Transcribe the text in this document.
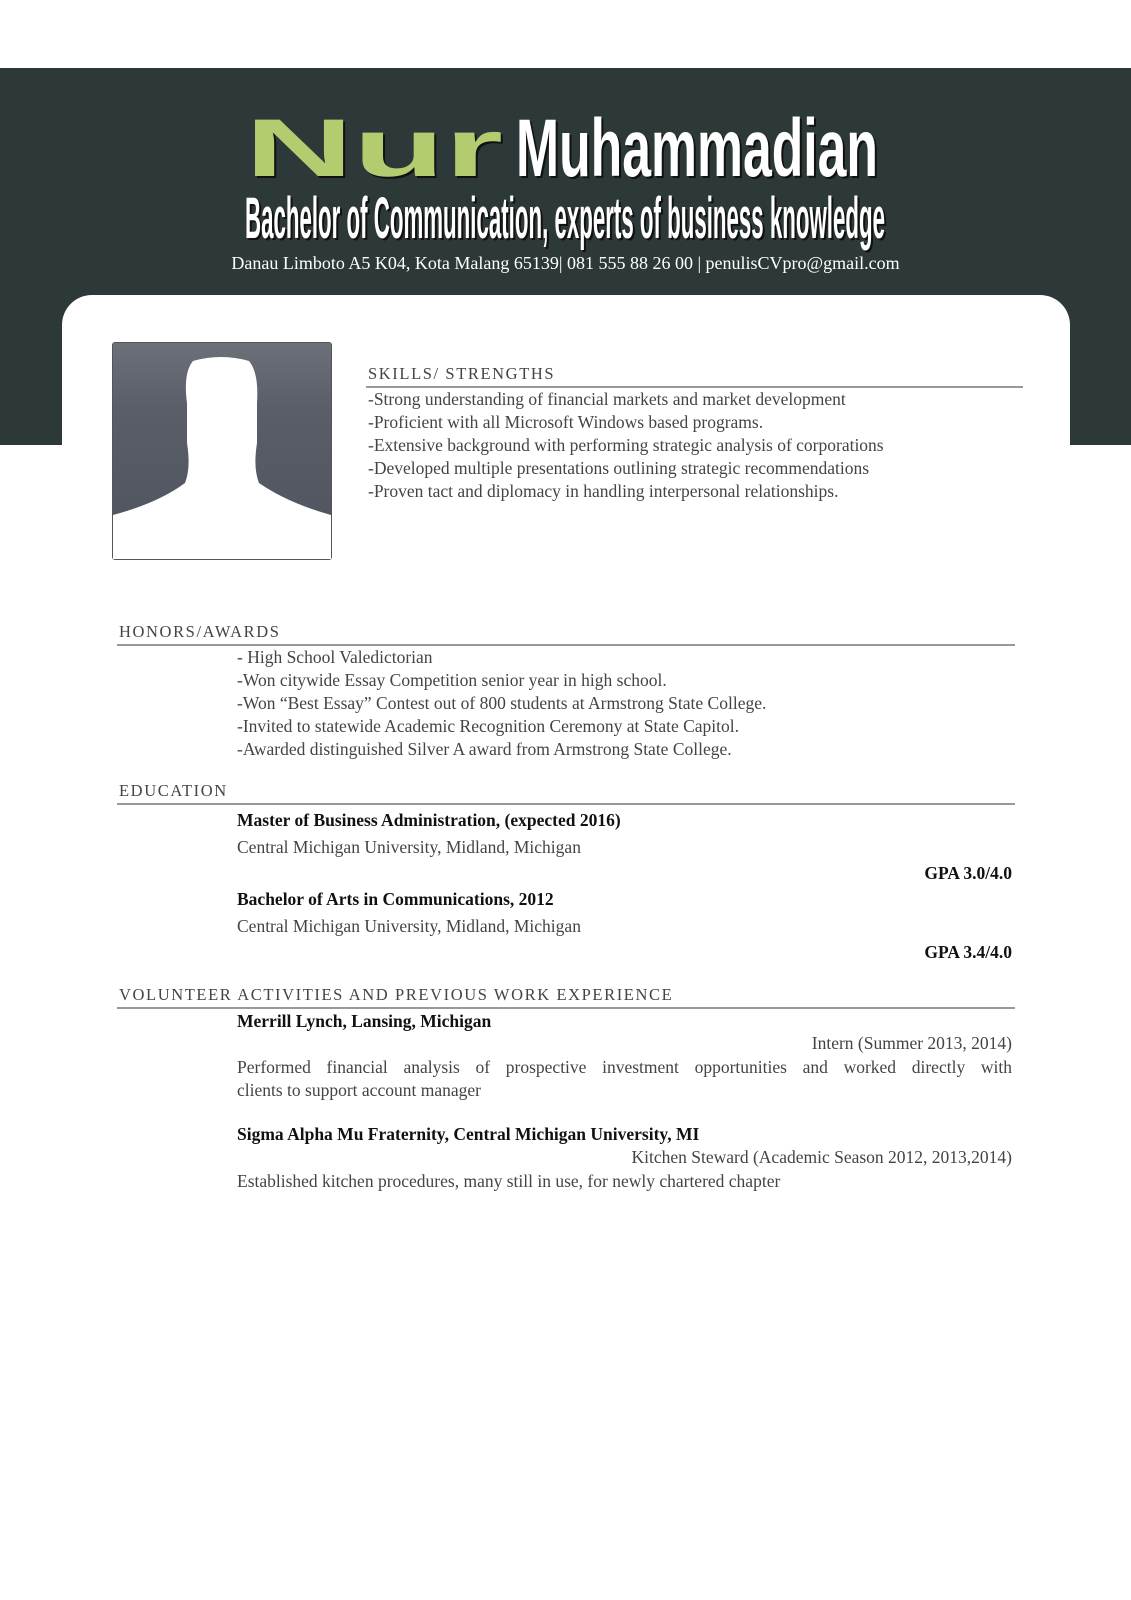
Nur Muhammadian
Bachelor of Communication, experts of business knowledge
Danau Limboto A5 K04, Kota Malang 65139| 081 555 88 26 00 | penulisCVpro@gmail.com
SKILLS/ STRENGTHS
-Strong understanding of financial markets and market development
-Proficient with all Microsoft Windows based programs.
-Extensive background with performing strategic analysis of corporations
-Developed multiple presentations outlining strategic recommendations
-Proven tact and diplomacy in handling interpersonal relationships.
HONORS/AWARDS
- High School Valedictorian
-Won citywide Essay Competition senior year in high school.
-Won “Best Essay” Contest out of 800 students at Armstrong State College.
-Invited to statewide Academic Recognition Ceremony at State Capitol.
-Awarded distinguished Silver A award from Armstrong State College.
EDUCATION
Master of Business Administration, (expected 2016)
Central Michigan University, Midland, Michigan
GPA 3.0/4.0
Bachelor of Arts in Communications, 2012
Central Michigan University, Midland, Michigan
GPA 3.4/4.0
VOLUNTEER ACTIVITIES AND PREVIOUS WORK EXPERIENCE
Merrill Lynch, Lansing, Michigan
Intern (Summer 2013, 2014)
Performed financial analysis of prospective investment opportunities and worked directly with
clients to support account manager
Sigma Alpha Mu Fraternity, Central Michigan University, MI
Kitchen Steward (Academic Season 2012, 2013,2014)
Established kitchen procedures, many still in use, for newly chartered chapter
